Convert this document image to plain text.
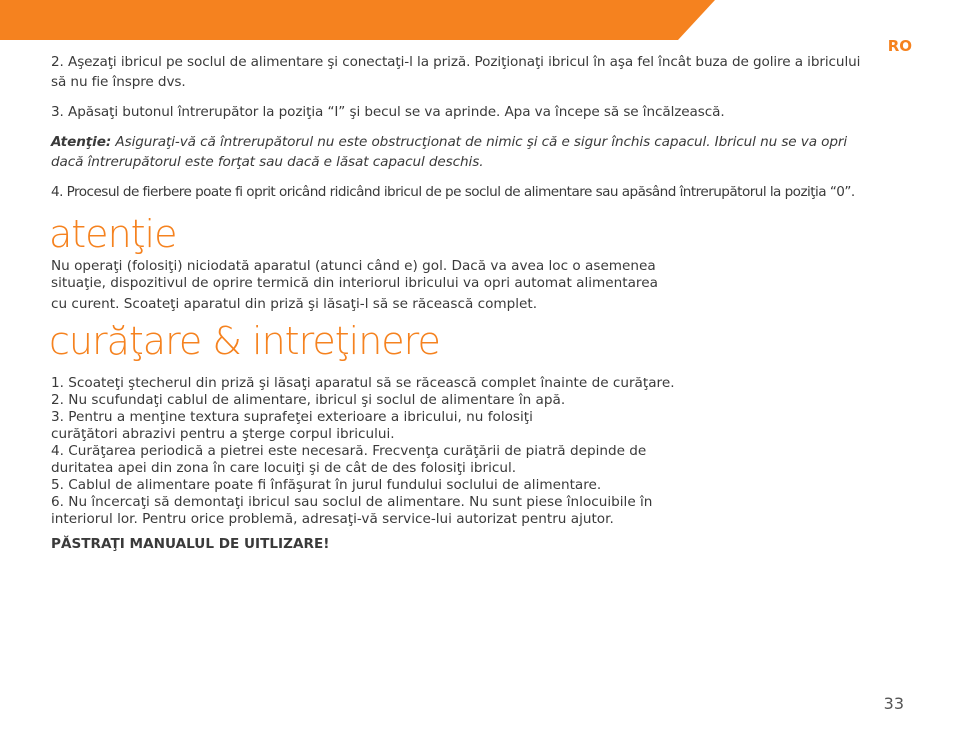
RO

2. Aşezaţi ibricul pe soclul de alimentare şi conectaţi-l la priză. Poziţionaţi ibricul în aşa fel încât buza de golire a ibricului să nu fie înspre dvs.

3. Apăsaţi butonul întrerupător la poziţia “I” şi becul se va aprinde. Apa va începe să se încălzească.

Atenţie: Asiguraţi-vă că întrerupătorul nu este obstrucţionat de nimic şi că e sigur închis capacul. Ibricul nu se va opri dacă întrerupătorul este forţat sau dacă e lăsat capacul deschis.

4. Procesul de fierbere poate fi oprit oricând ridicând ibricul de pe soclul de alimentare sau apăsând întrerupătorul la poziţia “0”.

atenţie

Nu operaţi (folosiţi) niciodată aparatul (atunci când e) gol. Dacă va avea loc o asemenea
situaţie, dispozitivul de oprire termică din interiorul ibricului va opri automat alimentarea
cu curent. Scoateţi aparatul din priză şi lăsaţi-l să se răcească complet.

curăţare & intreţinere
1. Scoateţi ştecherul din priză şi lăsaţi aparatul să se răcească complet înainte de curăţare.
2. Nu scufundaţi cablul de alimentare, ibricul şi soclul de alimentare în apă.
3. Pentru a menţine textura suprafeţei exterioare a ibricului, nu folosiţi curăţători abrazivi pentru a şterge corpul ibricului.
4. Curăţarea periodică a pietrei este necesară. Frecvenţa curăţării de piatră depinde de duritatea apei din zona în care locuiţi şi de cât de des folosiţi ibricul.
5. Cablul de alimentare poate fi înfăşurat în jurul fundului soclului de alimentare.
6. Nu încercaţi să demontaţi ibricul sau soclul de alimentare. Nu sunt piese înlocuibile în interiorul lor. Pentru orice problemă, adresaţi-vă service-lui autorizat pentru ajutor.
PĂSTRAŢI MANUALUL DE UITLIZARE!
33
